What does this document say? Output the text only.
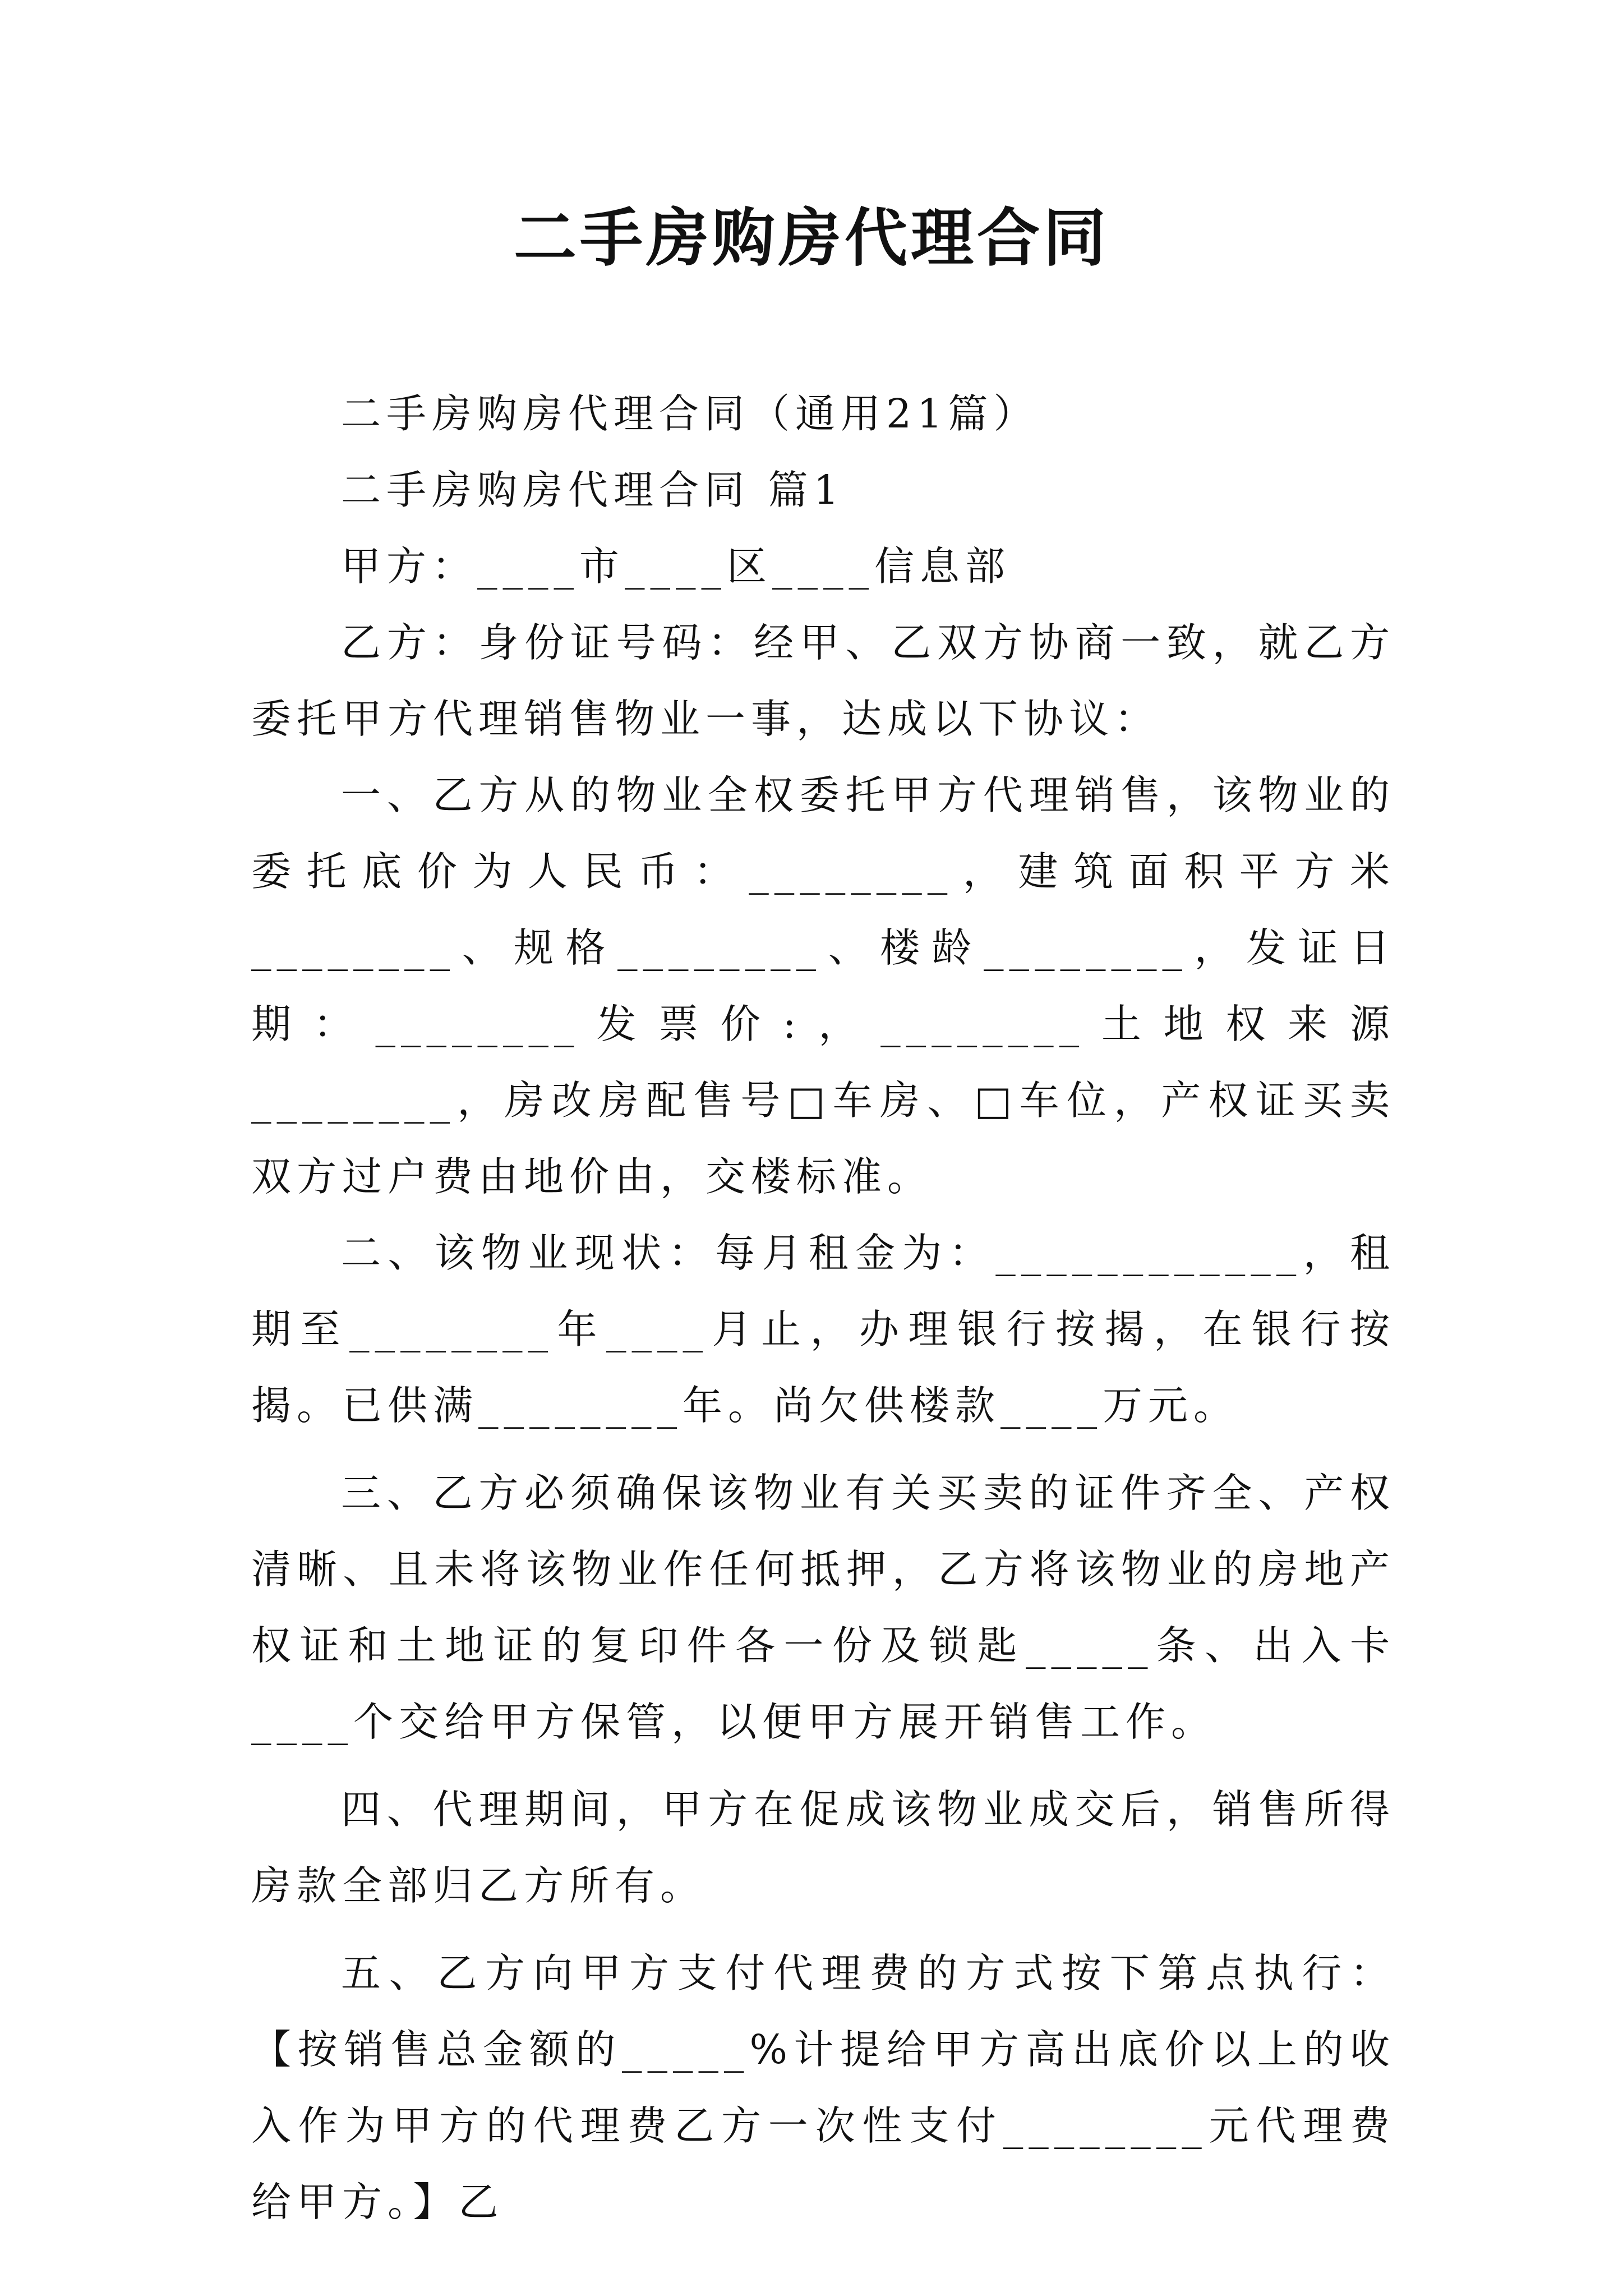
二手房购房代理合同

二手房购房代理合同（通用21篇）

二手房购房代理合同 篇1

甲方：____市____区____信息部

乙方：身份证号码：经甲、乙双方协商一致，就乙方委托甲方代理销售物业一事，达成以下协议：

一、乙方从的物业全权委托甲方代理销售，该物业的委托底价为人民币：________，建筑面积平方米________、规格________、楼龄________，发证日期：________发票价:，________土地权来源________，房改房配售号□车房、□车位，产权证买卖双方过户费由地价由，交楼标准。

二、该物业现状：每月租金为：____________，租期至________年____月止，办理银行按揭，在银行按揭。已供满________年。尚欠供楼款____万元。

三、乙方必须确保该物业有关买卖的证件齐全、产权清晰、且未将该物业作任何抵押，乙方将该物业的房地产权证和土地证的复印件各一份及锁匙_____条、出入卡____个交给甲方保管，以便甲方展开销售工作。

四、代理期间，甲方在促成该物业成交后，销售所得房款全部归乙方所有。

五、乙方向甲方支付代理费的方式按下第点执行：【按销售总金额的_____%计提给甲方高出底价以上的收入作为甲方的代理费乙方一次性支付________元代理费给甲方。】乙
